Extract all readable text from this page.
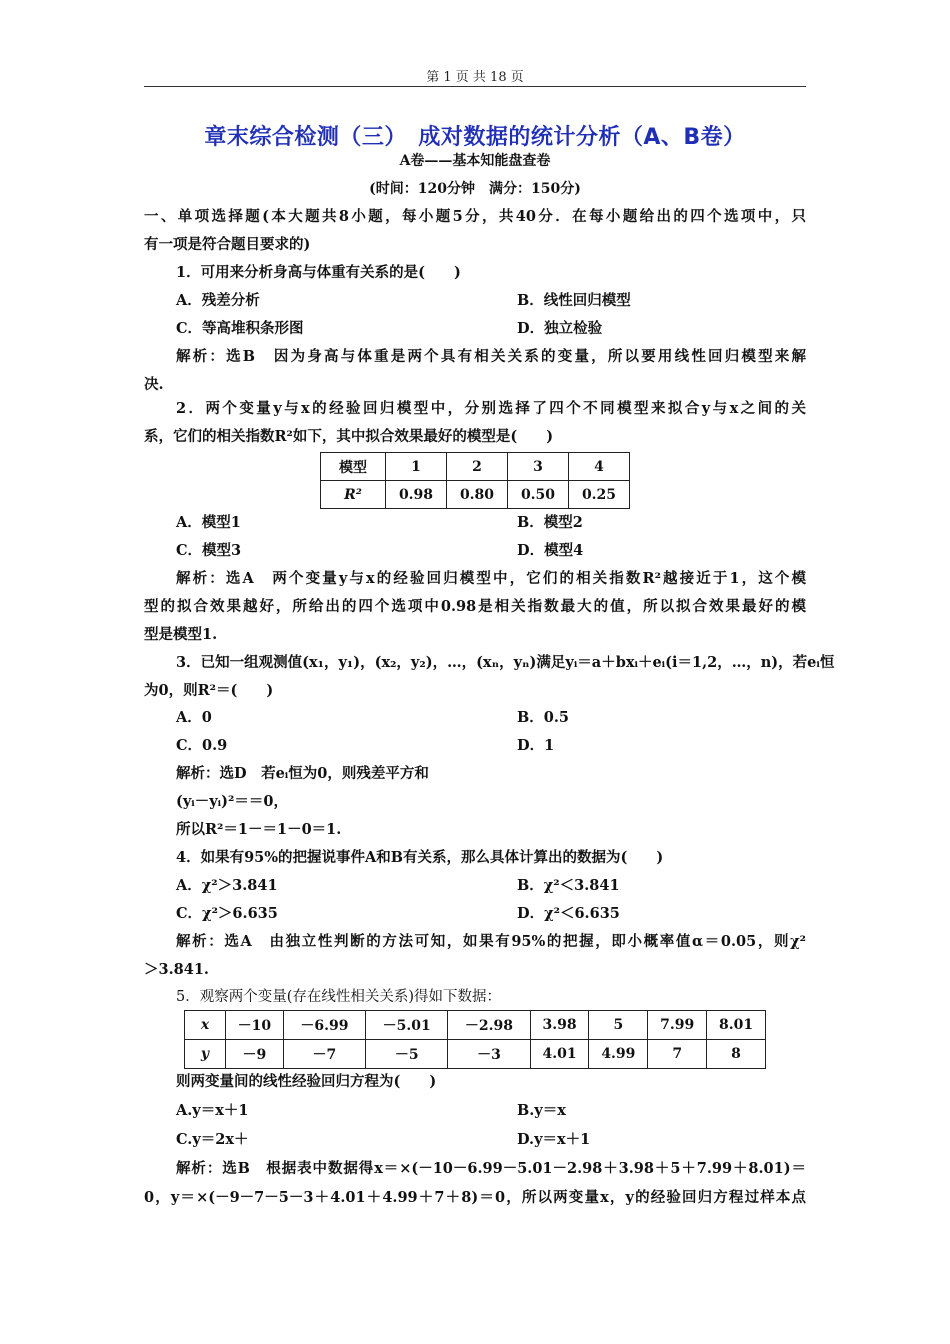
第 1 页 共 18 页
章末综合检测（三）　成对数据的统计分析（A、B卷）
A卷——基本知能盘查卷
(时间：120分钟　满分：150分)
一、单项选择题(本大题共8小题，每小题5分，共40分．在每小题给出的四个选项中，只
有一项是符合题目要求的)
1．可用来分析身高与体重有关系的是(　　)
A．残差分析	B．线性回归模型
C．等高堆积条形图	D．独立检验
解析：选B　因为身高与体重是两个具有相关关系的变量，所以要用线性回归模型来解
决.
2．两个变量y与x的经验回归模型中，分别选择了四个不同模型来拟合y与x之间的关
系，它们的相关指数R²如下，其中拟合效果最好的模型是(　　)
模型	1	2	3	4
R²	0.98	0.80	0.50	0.25
A．模型1	B．模型2
C．模型3	D．模型4
解析：选A　两个变量y与x的经验回归模型中，它们的相关指数R²越接近于1，这个模
型的拟合效果越好，所给出的四个选项中0.98是相关指数最大的值，所以拟合效果最好的模
型是模型1.
3．已知一组观测值(x₁，y₁)，(x₂，y₂)，…，(xₙ，yₙ)满足yᵢ＝a＋bxᵢ＋eᵢ(i＝1,2，…，n)，若eᵢ恒
为0，则R²＝(　　)
A．0	B．0.5
C．0.9	D．1
解析：选D　若eᵢ恒为0，则残差平方和
(yᵢ－yᵢ)²＝＝0，
所以R²＝1－＝1－0＝1.
4．如果有95%的把握说事件A和B有关系，那么具体计算出的数据为(　　)
A．χ²＞3.841	B．χ²＜3.841
C．χ²＞6.635	D．χ²＜6.635
解析：选A　由独立性判断的方法可知，如果有95%的把握，即小概率值α＝0.05，则χ²
＞3.841.
5．观察两个变量(存在线性相关关系)得如下数据：
x	－10	－6.99	－5.01	－2.98	3.98	5	7.99	8.01
y	－9	－7	－5	－3	4.01	4.99	7	8
则两变量间的线性经验回归方程为(　　)
A.y＝x＋1	B.y＝x
C.y＝2x＋	D.y＝x＋1
解析：选B　根据表中数据得x＝×(－10－6.99－5.01－2.98＋3.98＋5＋7.99＋8.01)＝
0，y＝×(－9－7－5－3＋4.01＋4.99＋7＋8)＝0，所以两变量x，y的经验回归方程过样本点
